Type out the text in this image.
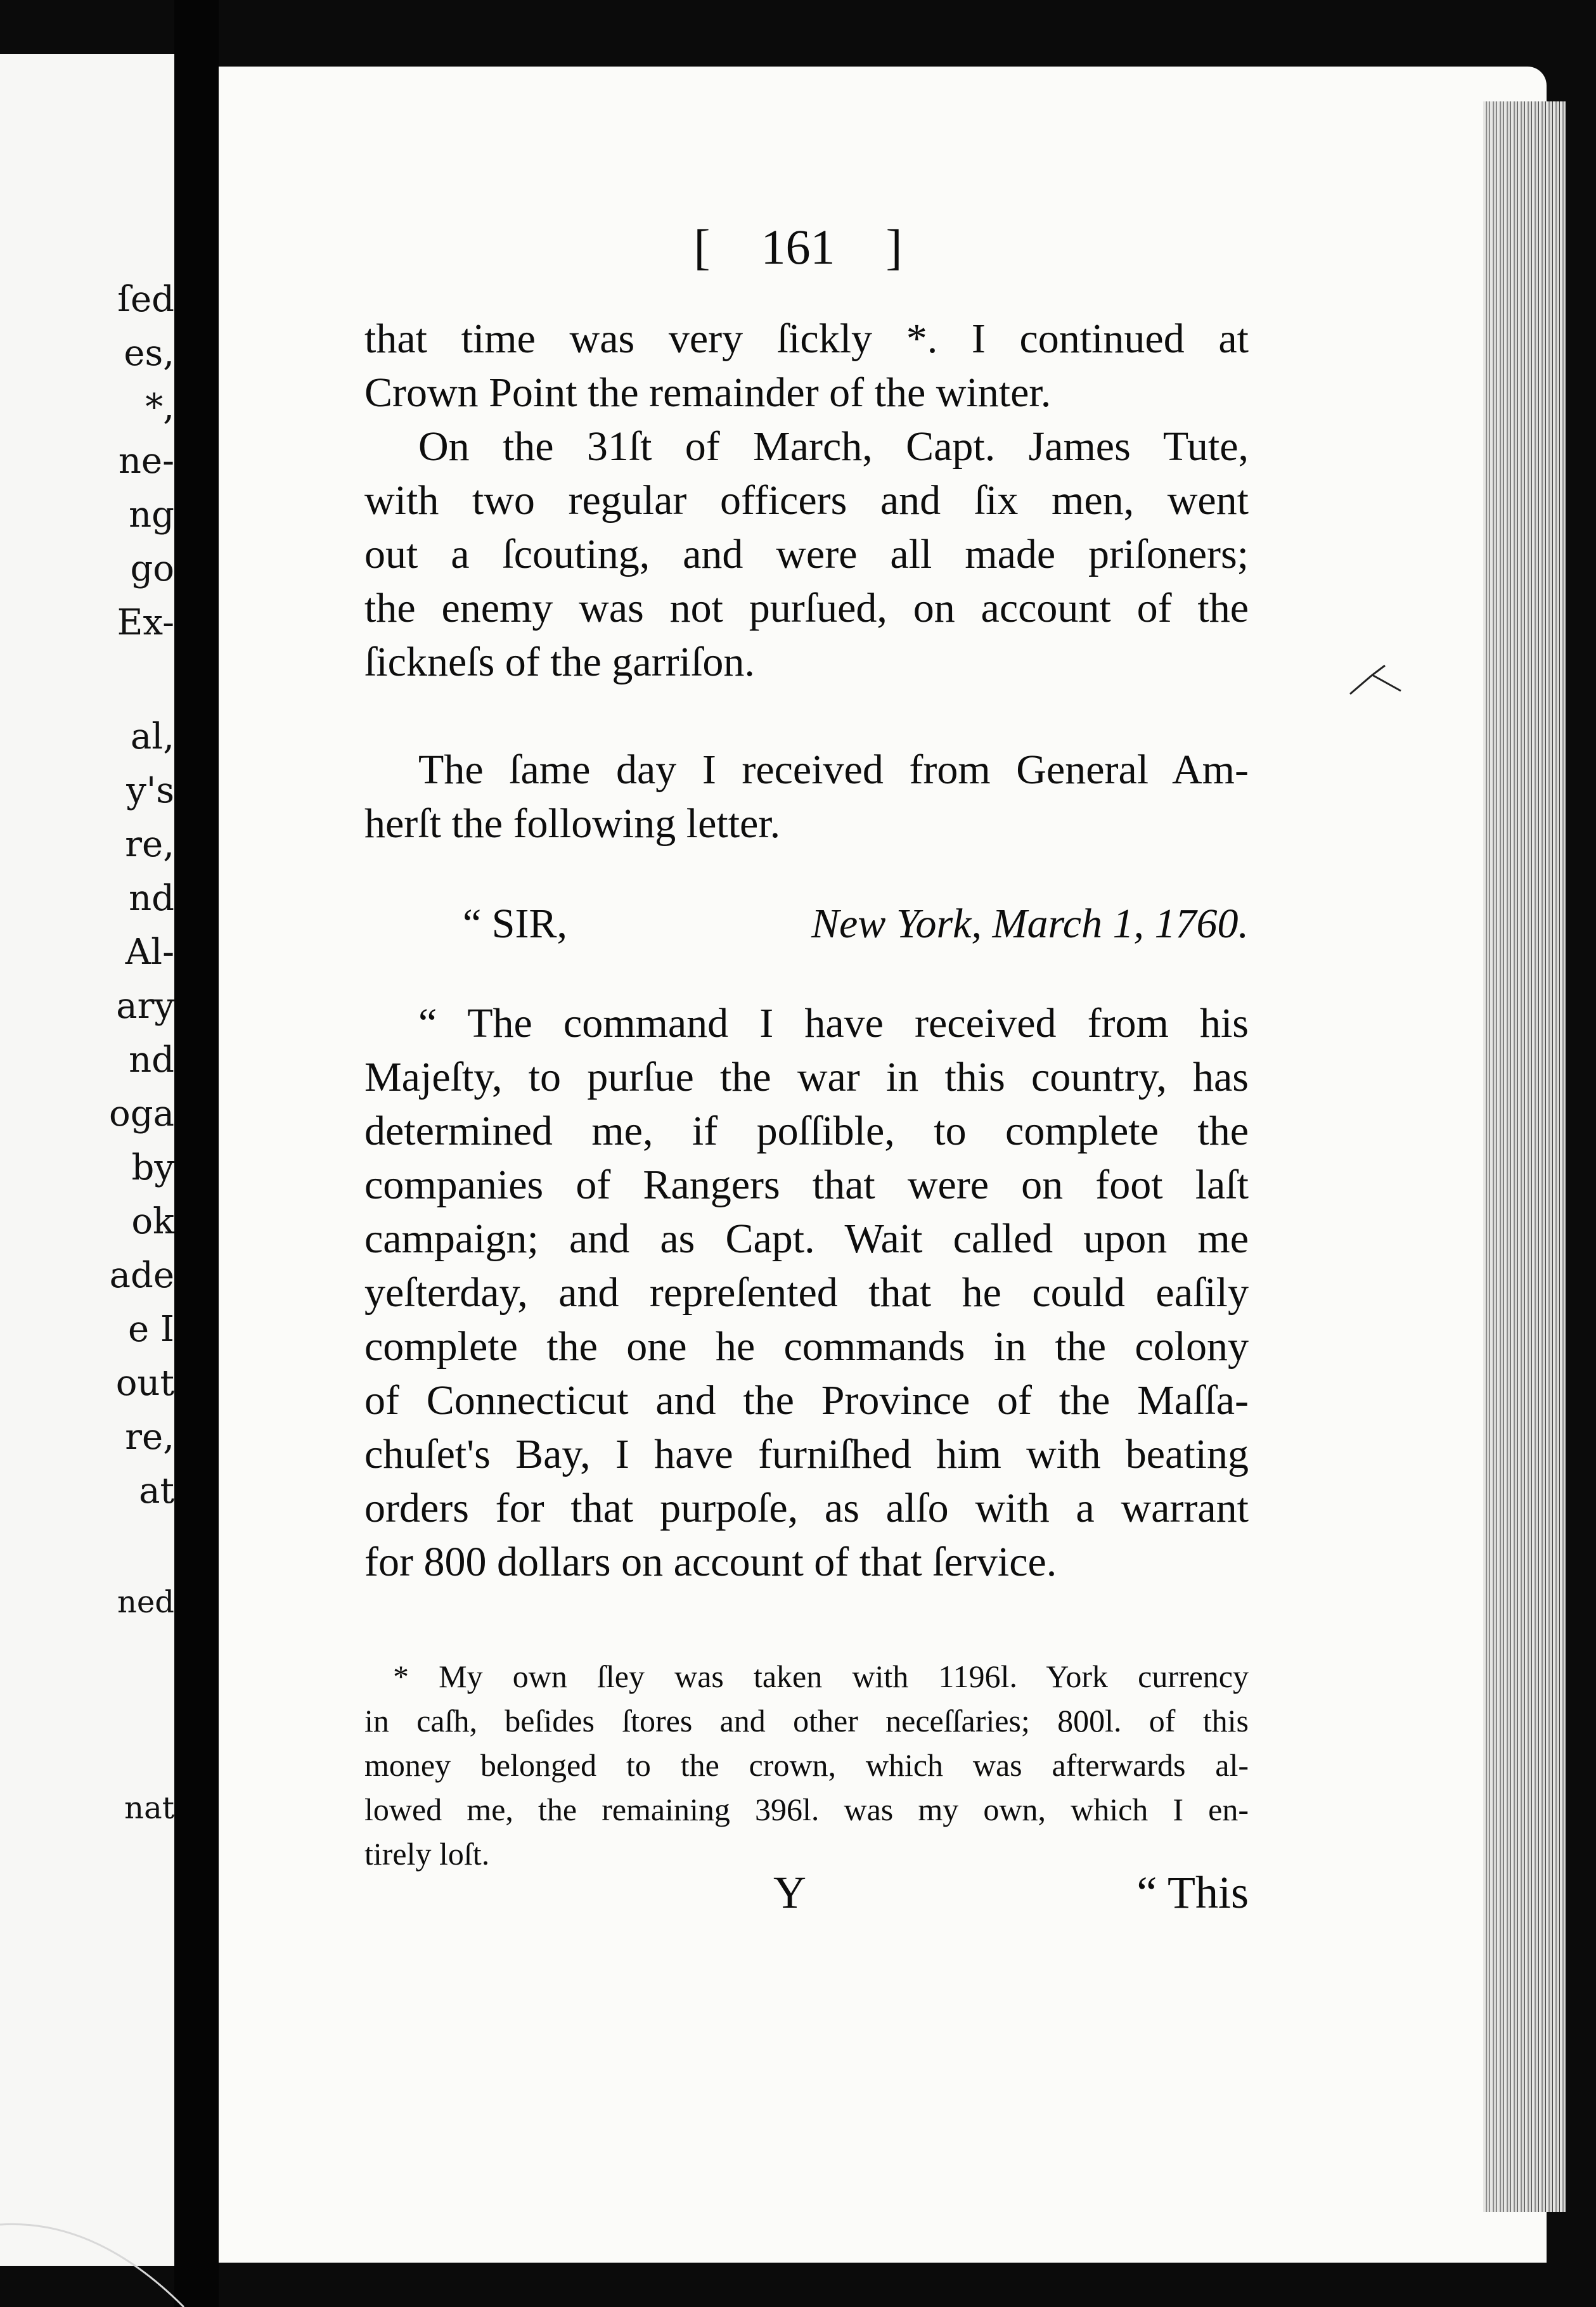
ſed
es,
*,
ne-
ng
go
Ex-
al,
y's
re,
nd
Al-
ary
nd
oga
by
ok
ade
e I
out
re,
at
ned
nat
[ 161 ]
that time was very ſickly *. I continued at
Crown Point the remainder of the winter.
On the 31ſt of March, Capt. James Tute,
with two regular officers and ſix men, went
out a ſcouting, and were all made priſoners;
the enemy was not purſued, on account of the
ſickneſs of the garriſon.
The ſame day I received from General Am-
herſt the following letter.
“ SIR,	New York, March 1, 1760.
“ The command I have received from his
Majeſty, to purſue the war in this country, has
determined me, if poſſible, to complete the
companies of Rangers that were on foot laſt
campaign; and as Capt. Wait called upon me
yeſterday, and repreſented that he could eaſily
complete the one he commands in the colony
of Connecticut and the Province of the Maſſa-
chuſet's Bay, I have furniſhed him with beating
orders for that purpoſe, as alſo with a warrant
for 800 dollars on account of that ſervice.
* My own ſley was taken with 1196l. York currency
in caſh, beſides ſtores and other neceſſaries; 800l. of this
money belonged to the crown, which was afterwards al-
lowed me, the remaining 396l. was my own, which I en-
tirely loſt.
Y	“ This
